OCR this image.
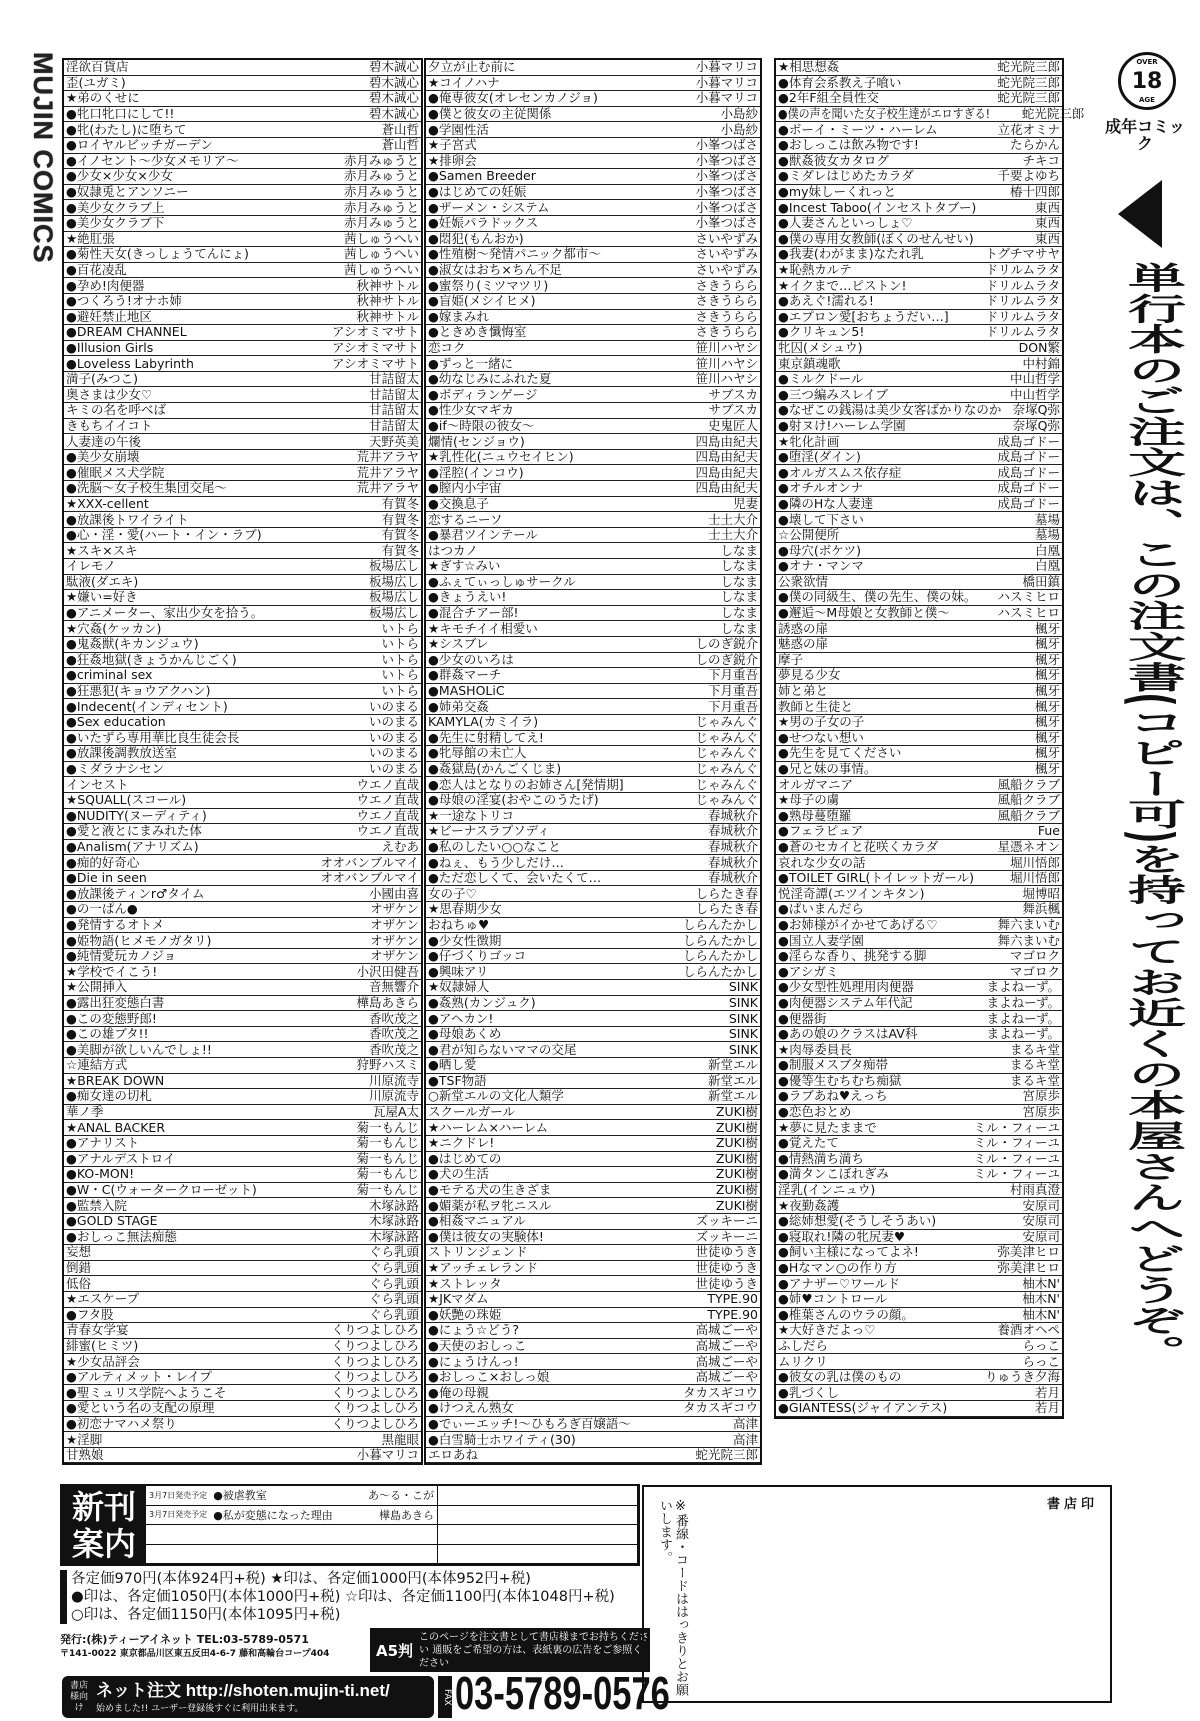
MUJIN COMICS 淫欲百貨店	碧木誠心
歪(ユガミ)	碧木誠心
★弟のくせに	碧木誠心
●牝口牝口にして!!	碧木誠心
●牝(わたし)に堕ちて	蒼山哲
●ロイヤルビッチガーデン	蒼山哲
●イノセント〜少女メモリア〜	赤月みゅうと
●少女×少女×少女	赤月みゅうと
●奴隷兎とアンソニー	赤月みゅうと
●美少女クラブ上	赤月みゅうと
●美少女クラブ下	赤月みゅうと
★絶肛張	茜しゅうへい
●菊性天女(きっしょうてんにょ)	茜しゅうへい
●百花凌乱	茜しゅうへい
●孕め!肉便器	秋神サトル
●つくろう!オナホ姉	秋神サトル
●避妊禁止地区	秋神サトル
●DREAM CHANNEL	アシオミマサト
●Illusion Girls	アシオミマサト
●Loveless Labyrinth	アシオミマサト
満子(みつこ)	甘詰留太
奥さまは少女♡	甘詰留太
キミの名を呼べば	甘詰留太
きもちイイコト	甘詰留太
人妻達の午後	天野英美
●美少女崩壊	荒井アラヤ
●催眠メス犬学院	荒井アラヤ
●洗脳〜女子校生集団交尾〜	荒井アラヤ
★XXX-cellent	有賀冬
●放課後トワイライト	有賀冬
●心・淫・愛(ハート・イン・ラブ)	有賀冬
★スキ×スキ	有賀冬
イレモノ	板場広し
駄液(ダエキ)	板場広し
★嫌い=好き	板場広し
●アニメーター、家出少女を拾う。	板場広し
★穴姦(ケッカン)	いトら
●鬼姦獣(キカンジュウ)	いトら
●狂姦地獄(きょうかんじごく)	いトら
●criminal sex	いトら
●狂悪犯(キョウアクハン)	いトら
●Indecent(インディセント)	いのまる
●Sex education	いのまる
●いたずら専用華比良生徒会長	いのまる
●放課後調教放送室	いのまる
●ミダラナシセン	いのまる
インセスト	ウエノ直哉
★SQUALL(スコール)	ウエノ直哉
●NUDITY(ヌーディティ)	ウエノ直哉
●愛と液とにまみれた体	ウエノ直哉
●Analism(アナリズム)	えむあ
●痴的好奇心	オオバンブルマイ
●Die in seen	オオバンブルマイ
●放課後ティンr♂タイム	小國由喜
●の一ぱん●	オザケン
●発情するオトメ	オザケン
●姫物語(ヒメモノガタリ)	オザケン
●純情愛玩カノジョ	オザケン
★学校でイこう!	小沢田健吾
★公開挿入	音無響介
●露出狂変態白書	樺島あきら
●この変態野郎!	香吹茂之
●この雄ブタ!!	香吹茂之
●美脚が欲しいんでしょ!!	香吹茂之
☆連結方式	狩野ハスミ
★BREAK DOWN	川原流寺
●痴女達の切札	川原流寺
華ノ季	瓦屋A太
★ANAL BACKER	菊一もんじ
●アナリスト	菊一もんじ
●アナルデストロイ	菊一もんじ
●KO-MON!	菊一もんじ
●W・C(ウォータークローゼット)	菊一もんじ
●監禁入院	木塚詠路
●GOLD STAGE	木塚詠路
●おしっこ無法痴態	木塚詠路
妄想	ぐら乳頭
倒錯	ぐら乳頭
低俗	ぐら乳頭
★エスケープ	ぐら乳頭
●フタ股	ぐら乳頭
青春女学宴	くりつよしひろ
緋蜜(ヒミツ)	くりつよしひろ
★少女品評会	くりつよしひろ
●アルティメット・レイプ	くりつよしひろ
●聖ミュリス学院へようこそ	くりつよしひろ
●愛という名の支配の原理	くりつよしひろ
●初恋ナマハメ祭り	くりつよしひろ
★淫脚	黒龍眼
甘熟娘	小暮マリコ
夕立が止む前に	小暮マリコ
★コイノハナ	小暮マリコ
●俺専彼女(オレセンカノジョ)	小暮マリコ
●僕と彼女の主従関係	小島紗
●学園性活	小島紗
★子宮式	小峯つばさ
★排卵会	小峯つばさ
●Samen Breeder	小峯つばさ
●はじめての妊娠	小峯つばさ
●ザーメン・システム	小峯つばさ
●妊娠パラドックス	小峯つばさ
●悶犯(もんおか)	さいやずみ
●性殖樹〜発情パニック都市〜	さいやずみ
●淑女はおち×ちん不足	さいやずみ
●蜜祭り(ミツマツリ)	さきうらら
●盲姫(メシイヒメ)	さきうらら
●嫁まみれ	さきうらら
●ときめき懺悔室	さきうらら
恋コク	笹川ハヤシ
●ずっと一緒に	笹川ハヤシ
●幼なじみにふれた夏	笹川ハヤシ
●ボディランゲージ	サブスカ
●性少女マギカ	サブスカ
●if〜時限の彼女〜	史鬼匠人
爛情(センジョウ)	四島由紀夫
★乳性化(ニュウセイヒン)	四島由紀夫
●淫腔(インコウ)	四島由紀夫
●膣内小宇宙	四島由紀夫
●交換息子	児妻
恋するニーソ	士土大介
●暴君ツインテール	士土大介
はつカノ	しなま
★ぎす☆みい	しなま
●ふぇてぃっしゅサークル	しなま
●きょうえい!	しなま
●混合チアー部!	しなま
★キモチイイ相愛い	しなま
★シスブレ	しのぎ鋭介
●少女のいろは	しのぎ鋭介
●群姦マーチ	下月重吾
●MASHOLiC	下月重吾
●姉弟交姦	下月重吾
KAMYLA(カミイラ)	じゃみんぐ
●先生に射精してえ!	じゃみんぐ
●牝辱館の未亡人	じゃみんぐ
●姦獄島(かんごくじま)	じゃみんぐ
●恋人はとなりのお姉さん[発情期]	じゃみんぐ
●母娘の淫宴(おやこのうたげ)	じゃみんぐ
★一途なトリコ	春城秋介
★ビーナスラプソディ	春城秋介
●私のしたい○○なこと	春城秋介
●ねぇ、もう少しだけ…	春城秋介
●ただ恋しくて、会いたくて…	春城秋介
女の子♡	しらたき春
★思春期少女	しらたき春
おねちゅ♥	しらんたかし
●少女性徴期	しらんたかし
●仔づくりゴッコ	しらんたかし
●興味アリ	しらんたかし
★奴隷婦人	SINK
●姦熟(カンジュク)	SINK
●アヘカン!	SINK
●母娘あくめ	SINK
●君が知らないママの交尾	SINK
●晒し愛	新堂エル
●TSF物語	新堂エル
○新堂エルの文化人類学	新堂エル
スクールガール	ZUKI樹
★ハーレム×ハーレム	ZUKI樹
★ニクドレ!	ZUKI樹
●はじめての	ZUKI樹
●犬の生活	ZUKI樹
●モテる犬の生きざま	ZUKI樹
●媚薬が私ヲ牝ニスル	ZUKI樹
●相姦マニュアル	ズッキーニ
●僕は彼女の実験体!	ズッキーニ
ストリンジェンド	世徒ゆうき
★アッチェレランド	世徒ゆうき
★ストレッタ	世徒ゆうき
★JKマダム	TYPE.90
●妖艶の珠姫	TYPE.90
●にょう☆どう?	高城ごーや
●天使のおしっこ	高城ごーや
●にょうけんっ!	高城ごーや
●おしっこ×おしっ娘	高城ごーや
●俺の母親	タカスギコウ
●けつえん熟女	タカスギコウ
●でぃーエッチ!〜ひもろぎ百嬢語〜	高津
●白雪騎士ホワイティ(30)	高津
エロあね	蛇光院三郎
★相思想姦	蛇光院三郎
●体育会系教え子喰い	蛇光院三郎
●2年F組全員性交	蛇光院三郎
●僕の声を聞いた女子校生達がエロすぎる!	蛇光院三郎
●ボーイ・ミーツ・ハーレム	立花オミナ
●おしっこは飲み物です!	たらかん
●獣姦彼女カタログ	チキコ
●ミダレはじめたカラダ	千要よゆち
●my妹しーくれっと	椿十四郎
●Incest Taboo(インセストタブー)	東西
●人妻さんといっしょ♡	東西
●僕の専用女教師(ぼくのせんせい)	東西
●我妻(わがまま)なたれ乳	トグチマサヤ
★恥熱カルテ	ドリルムラタ
★イクまで…ピストン!	ドリルムラタ
●あえぐ!濡れる!	ドリルムラタ
●エプロン愛[おちょうだい…]	ドリルムラタ
●クリキュン5!	ドリルムラタ
牝囚(メシュウ)	DON繁
東京鎮魂歌	中村錦
●ミルクドール	中山哲学
●三つ編みスレイブ	中山哲学
●なぜこの銭湯は美少女客ばかりなのか 奈塚Q弥
●射ヌけ!ハーレム学園	奈塚Q弥
★牝化計画	成島ゴドー
●堕淫(ダイン)	成島ゴドー
●オルガスムス依存症	成島ゴドー
●オチルオンナ	成島ゴドー
●隣のHな人妻達	成島ゴドー
●壊して下さい	墓場
☆公開便所	墓場
●母穴(ボケツ)	白凰
●オナ・マンマ	白凰
公衆欲情	橋田鎮
●僕の同級生、僕の先生、僕の妹。 ハスミヒロ
●邂逅〜M母娘と女教師と僕〜	ハスミヒロ
誘惑の扉	楓牙
魅惑の扉	楓牙
摩子	楓牙
夢見る少女	楓牙
姉と弟と	楓牙
教師と生徒と	楓牙
★男の子女の子	楓牙
●せつない想い	楓牙
●先生を見てください	楓牙
●兄と妹の事情。	楓牙
オルガマニア	風船クラブ
★母子の虜	風船クラブ
●熟母蔓堕羅	風船クラブ
●フェラピュア	Fue
●蒼のセカイと花咲くカラダ	星憑ネオン
哀れな少女の話	堀川悟郎
●TOILET GIRL(トイレットガール)	堀川悟郎
悦淫奇譚(エツインキタン)	堀博昭
●ぱいまんだら	舞浜楓
●お姉様がイかせてあげる♡	舞六まいむ
●国立人妻学園	舞六まいむ
●淫らな香り、挑発する脚	マゴロク
●アシガミ	マゴロク
●少女型性処理用肉便器	まよねーず。
●肉便器システム年代記	まよねーず。
●便器街	まよねーず。
●あの娘のクラスはAV科	まよねーず。
★肉辱委員長	まるキ堂
●制服メスブタ痴帯	まるキ堂
●優等生むちむち痴獄	まるキ堂
●ラブあね♥えっち	宮原歩
●恋色おとめ	宮原歩
★夢に見たままで	ミル・フィーユ
●覚えたて	ミル・フィーユ
●情熱満ち満ち	ミル・フィーユ
●満タンこぼれぎみ	ミル・フィーユ
淫乳(インニュウ)	村雨真澄
★夜勤姦護	安原司
●総姉想愛(そうしそうあい)	安原司
●寝取れ!隣の牝尻妻♥	安原司
●飼い主様になってよネ!	弥美津ヒロ
●Hなマン○の作り方	弥美津ヒロ
●アナザー♡ワールド	柚木N'
●姉♥コントロール	柚木N'
●椎葉さんのウラの顔。	柚木N'
★大好きだよっ♡	養酒オヘペ
ふしだら	らっこ
ムリクリ	らっこ
●彼女の乳は僕のもの	りゅうき夕海
●乳づくし	若月
●GIANTESS(ジャイアンテス)	若月
OVER
18
AGE
成年コミック
単行本のご注文は、この注文書(コピー可)を持ってお近くの本屋さんへどうぞ。
新刊案内
3月7日発売予定 ●被虐教室	あ〜る・こが
3月7日発売予定 ●私が変態になった理由	樺島あきら
各定価970円(本体924円+税) ★印は、各定価1000円(本体952円+税)
●印は、各定価1050円(本体1000円+税) ☆印は、各定価1100円(本体1048円+税)
○印は、各定価1150円(本体1095円+税)
発行:(株)ティーアイネット TEL:03-5789-0571
〒141-0022 東京都品川区東五反田4-6-7 藤和高輪台コープ404	A5判
このページを注文書として書店様までお持ちください 通販をご希望の方は、表紙裏の広告をご参照ください
書店様向け
ネット注文 http://shoten.mujin-ti.net/
始めました!! ユーザー登録後すぐに利用出来ます。
FAX 03-5789-0576
書店印
※番線・コードははっきりとお願いします。
